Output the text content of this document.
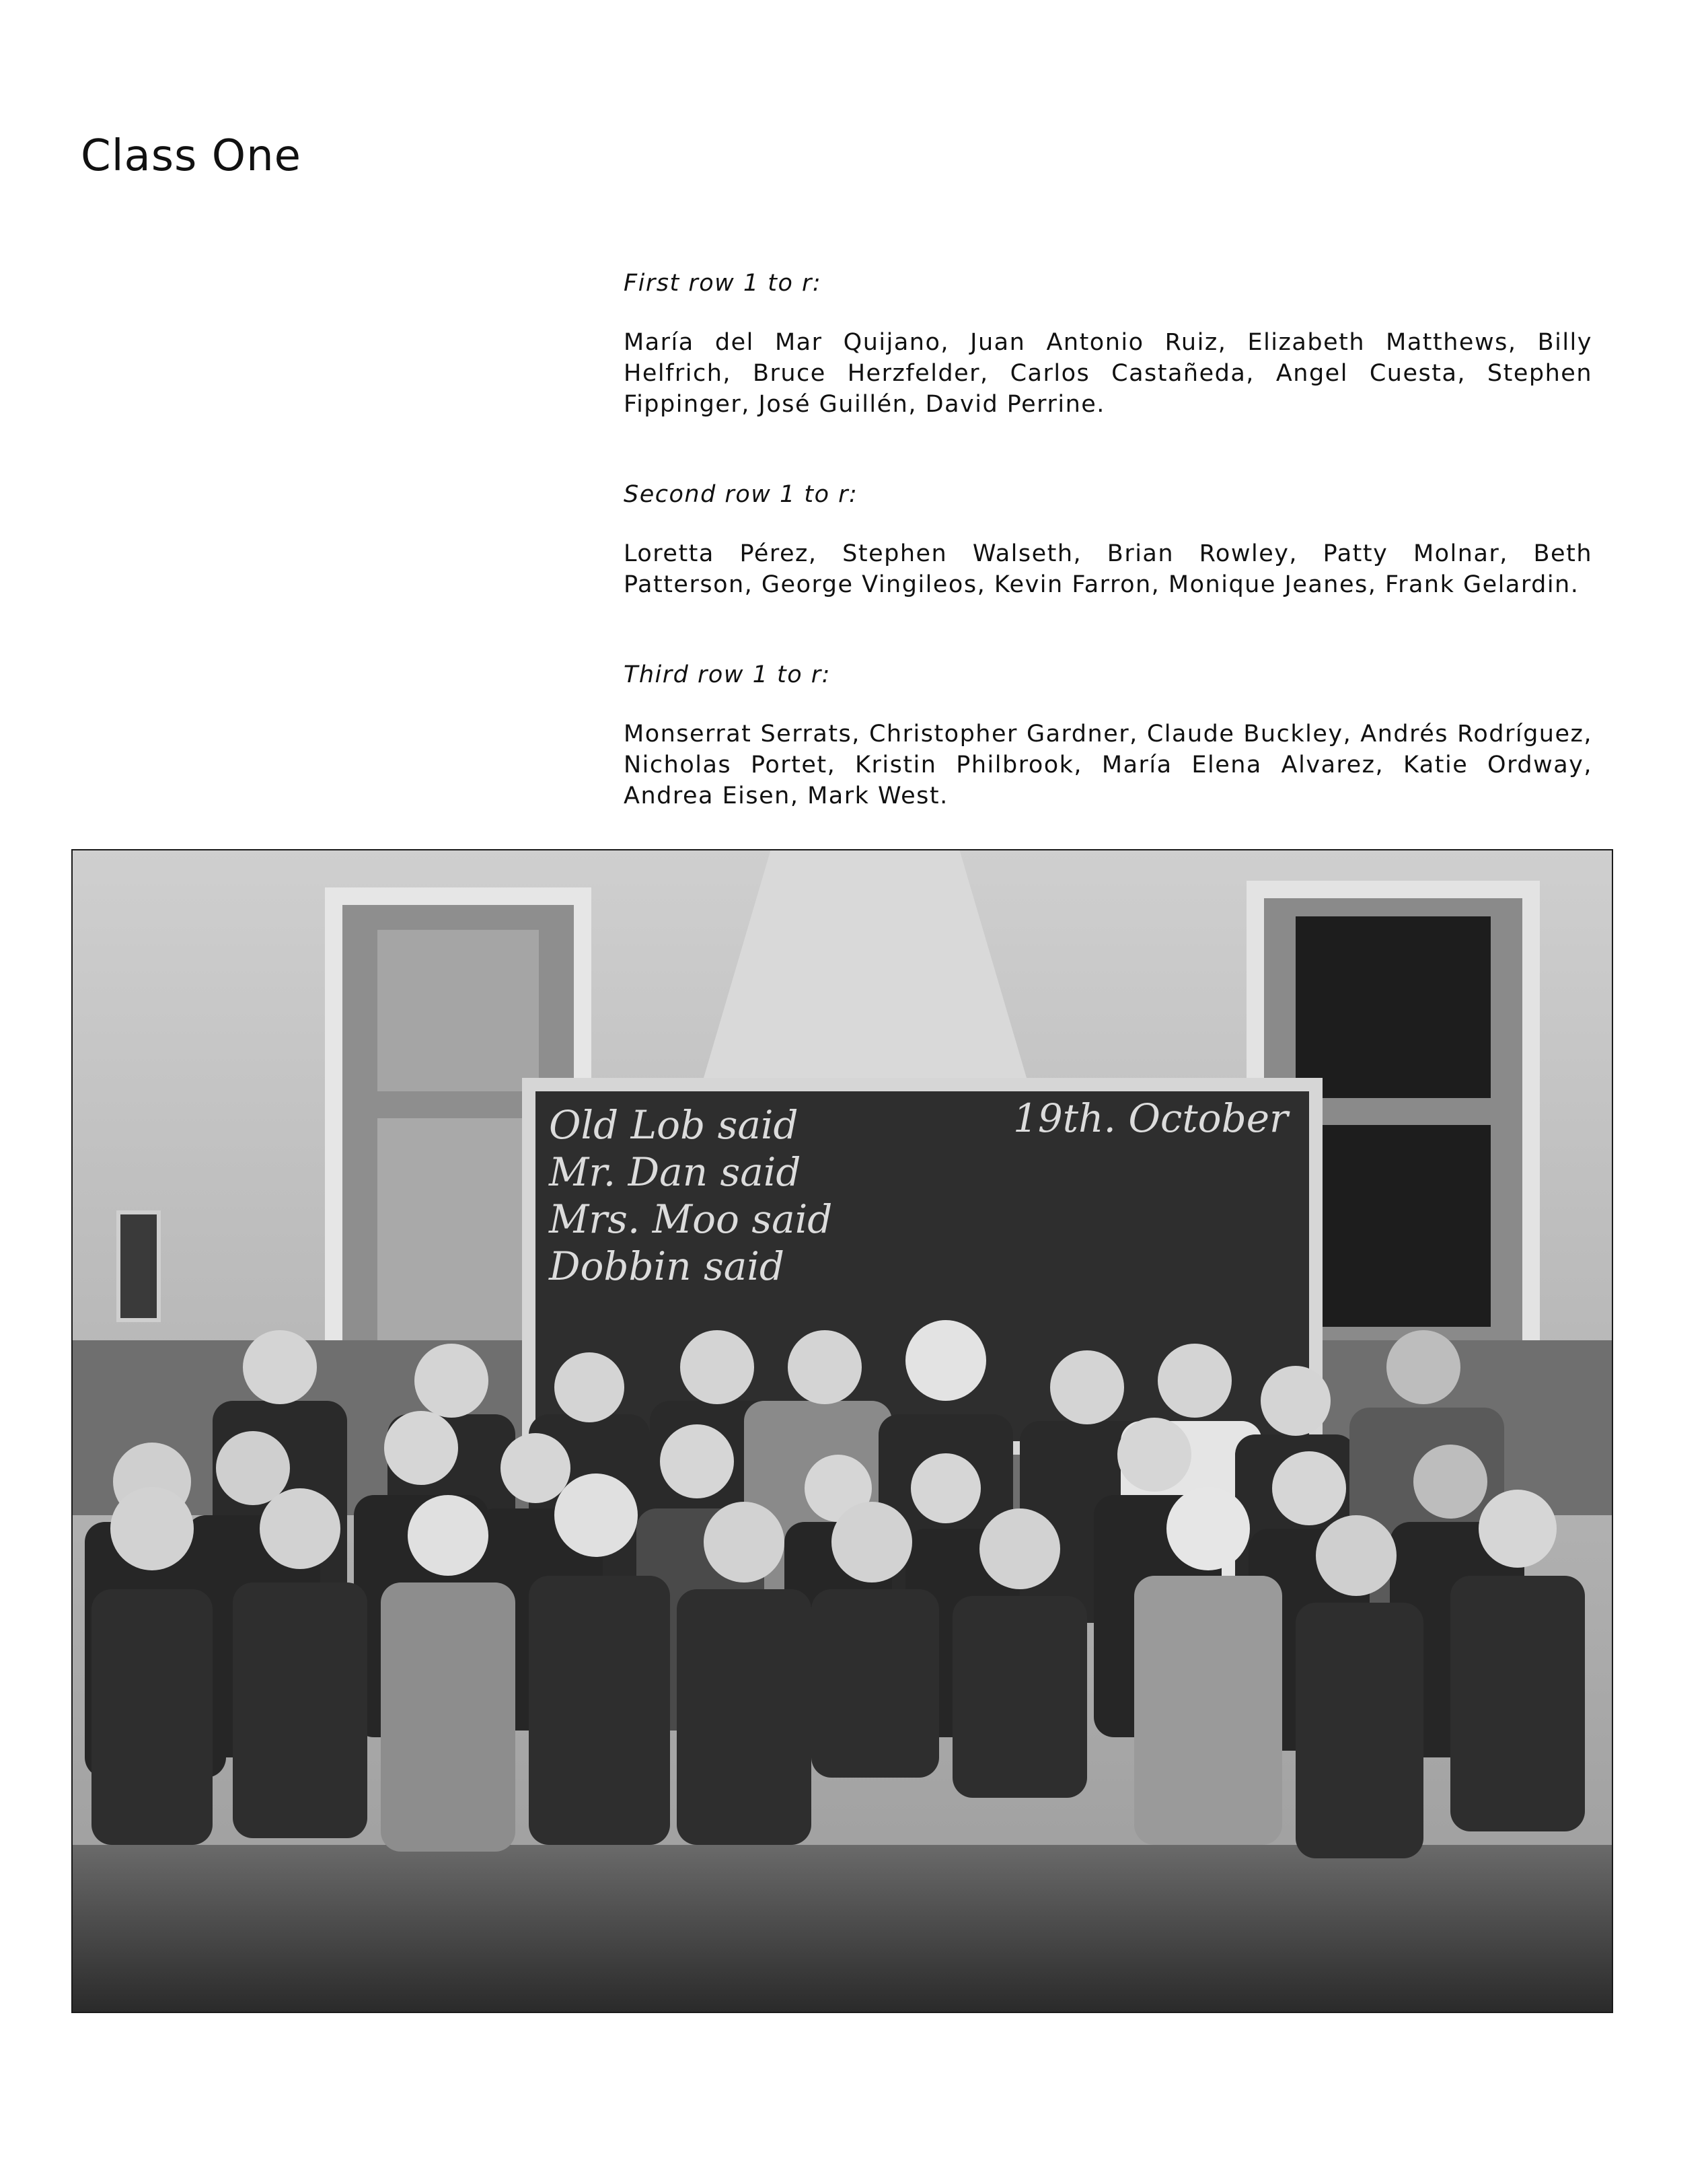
Class One

First row 1 to r:

María del Mar Quijano, Juan Antonio Ruiz, Elizabeth Matthews, Billy Helfrich, Bruce Herzfelder, Carlos Castañeda, Angel Cuesta, Stephen Fippinger, José Guillén, David Perrine.

Second row 1 to r:

Loretta Pérez, Stephen Walseth, Brian Rowley, Patty Molnar, Beth Patterson, George Vingileos, Kevin Farron, Monique Jeanes, Frank Gelardin.

Third row 1 to r:

Monserrat Serrats, Christopher Gardner, Claude Buckley, Andrés Rodríguez, Nicholas Portet, Kristin Philbrook, María Elena Alvarez, Katie Ordway, Andrea Eisen, Mark West.

Old Lob said
Mr. Dan said
Mrs. Moo said
Dobbin said
19th. October
